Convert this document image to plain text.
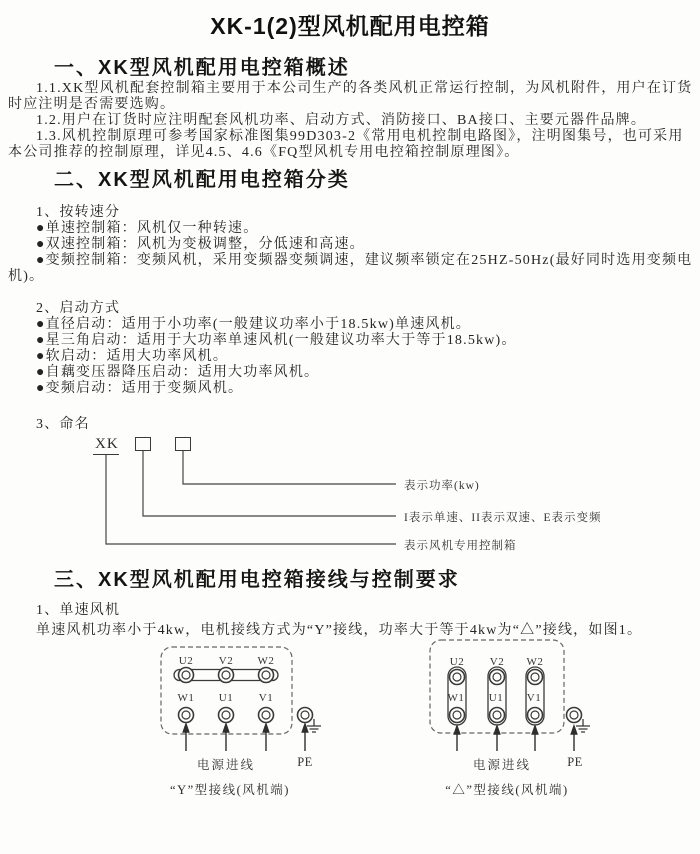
XK-1(2)型风机配用电控箱
一、XK型风机配用电控箱概述

1.1.XK型风机配套控制箱主要用于本公司生产的各类风机正常运行控制，为风机附件，用户在订货时应注明是否需要选购。

1.2.用户在订货时应注明配套风机功率、启动方式、消防接口、BA接口、主要元器件品牌。

1.3.风机控制原理可参考国家标准图集99D303-2《常用电机控制电路图》，注明图集号，也可采用本公司推荐的控制原理，详见4.5、4.6《FQ型风机专用电控箱控制原理图》。

二、XK型风机配用电控箱分类

1、按转速分

●单速控制箱：风机仅一种转速。

●双速控制箱：风机为变极调整，分低速和高速。

●变频控制箱：变频风机，采用变频器变频调速，建议频率锁定在25HZ-50Hz(最好同时选用变频电机)。

2、启动方式

●直径启动：适用于小功率(一般建议功率小于18.5kw)单速风机。

●星三角启动：适用于大功率单速风机(一般建议功率大于等于18.5kw)。

●软启动：适用大功率风机。

●自藕变压器降压启动：适用大功率风机。

●变频启动：适用于变频风机。

3、命名

XK
表示功率(kw)
I表示单速、II表示双速、E表示变频
表示风机专用控制箱
三、XK型风机配用电控箱接线与控制要求

1、单速风机

单速风机功率小于4kw，电机接线方式为“Y”接线，功率大于等于4kw为“△”接线，如图1。

U2 V2 W2
W1 U1 V1
电源进线	PE
“Y”型接线(风机端)
U2 V2 W2
W1 U1 V1
电源进线	PE
“△”型接线(风机端)
